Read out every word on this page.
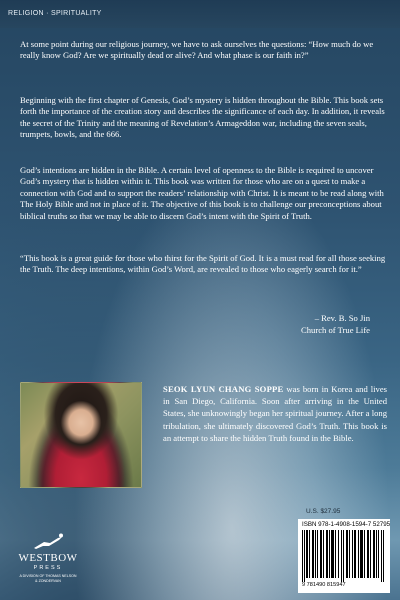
RELIGION · SPIRITUALITY

At some point during our religious journey, we have to ask ourselves the questions: “How much do we really know God? Are we spiritually dead or alive? And what phase is our faith in?”

Beginning with the first chapter of Genesis, God’s mystery is hidden throughout the Bible. This book sets forth the importance of the creation story and describes the significance of each day. In addition, it reveals the secret of the Trinity and the meaning of Revelation’s Armageddon war, including the seven seals, trumpets, bowls, and the 666.

God’s intentions are hidden in the Bible. A certain level of openness to the Bible is required to uncover God’s mystery that is hidden within it. This book was written for those who are on a quest to make a connection with God and to support the readers’ relationship with Christ. It is meant to be read along with The Holy Bible and not in place of it. The objective of this book is to challenge our preconceptions about biblical truths so that we may be able to discern God’s intent with the Spirit of Truth.

“This book is a great guide for those who thirst for the Spirit of God. It is a must read for all those seeking the Truth. The deep intentions, within God’s Word, are revealed to those who eagerly search for it.”

– Rev. B. So Jin
Church of True Life

SEOK LYUN CHANG SOPPE was born in Korea and lives in San Diego, California. Soon after arriving in the United States, she unknowingly began her spiritual journey. After a long tribulation, she ultimately discovered God’s Truth. This book is an attempt to share the hidden Truth found in the Bible.

U.S. $27.95
ISBN 978-1-4908-1594-7 52795
9 781490 815947
WESTBOW
PRESS
A DIVISION OF THOMAS NELSON
& ZONDERVAN
